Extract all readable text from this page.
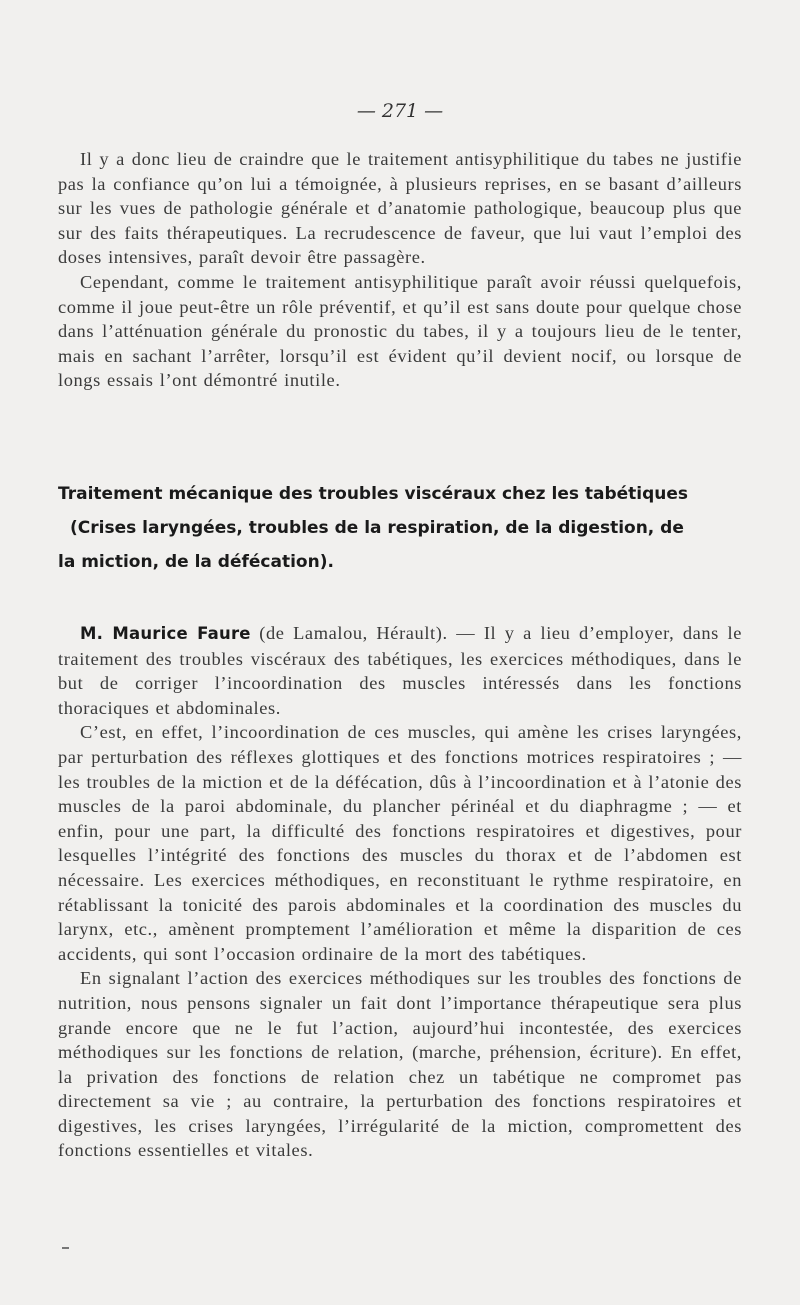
— 271 —

Il y a donc lieu de craindre que le traitement antisyphilitique du tabes ne justifie pas la confiance qu’on lui a témoignée, à plusieurs reprises, en se basant d’ailleurs sur les vues de pathologie générale et d’anatomie pathologique, beaucoup plus que sur des faits thérapeutiques. La recrudescence de faveur, que lui vaut l’emploi des doses intensives, paraît devoir être passagère.

Cependant, comme le traitement antisyphilitique paraît avoir réussi quelquefois, comme il joue peut-être un rôle préventif, et qu’il est sans doute pour quelque chose dans l’atténuation générale du pronostic du tabes, il y a toujours lieu de le tenter, mais en sachant l’arrêter, lorsqu’il est évident qu’il devient nocif, ou lorsque de longs essais l’ont démontré inutile.

Traitement mécanique des troubles viscéraux chez les tabétiques
(Crises laryngées, troubles de la respiration, de la digestion, de
la miction, de la défécation).

M. Maurice Faure (de Lamalou, Hérault). — Il y a lieu d’employer, dans le traitement des troubles viscéraux des tabétiques, les exercices méthodiques, dans le but de corriger l’incoordination des muscles intéressés dans les fonctions thoraciques et abdominales.

C’est, en effet, l’incoordination de ces muscles, qui amène les crises laryngées, par perturbation des réflexes glottiques et des fonctions motrices respiratoires ; — les troubles de la miction et de la défécation, dûs à l’incoordination et à l’atonie des muscles de la paroi abdominale, du plancher périnéal et du diaphragme ; — et enfin, pour une part, la difficulté des fonctions respiratoires et digestives, pour lesquelles l’intégrité des fonctions des muscles du thorax et de l’abdomen est nécessaire. Les exercices méthodiques, en reconstituant le rythme respiratoire, en rétablissant la tonicité des parois abdominales et la coordination des muscles du larynx, etc., amènent promptement l’amélioration et même la disparition de ces accidents, qui sont l’occasion ordinaire de la mort des tabétiques.

En signalant l’action des exercices méthodiques sur les troubles des fonctions de nutrition, nous pensons signaler un fait dont l’importance thérapeutique sera plus grande encore que ne le fut l’action, aujourd’hui incontestée, des exercices méthodiques sur les fonctions de relation, (marche, préhension, écriture). En effet, la privation des fonctions de relation chez un tabétique ne compromet pas directement sa vie ; au contraire, la perturbation des fonctions respiratoires et digestives, les crises laryngées, l’irrégularité de la miction, compromettent des fonctions essentielles et vitales.
